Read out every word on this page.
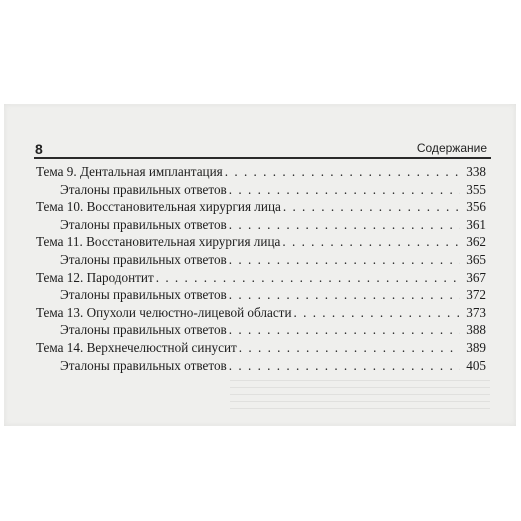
8	Содержание
Тема 9. Дентальная имплантация . . .	338
Эталоны правильных ответов . . .	355
Тема 10. Восстановительная хирургия лица . . .	356
Эталоны правильных ответов . . .	361
Тема 11. Восстановительная хирургия лица . . .	362
Эталоны правильных ответов . . .	365
Тема 12. Пародонтит . . .	367
Эталоны правильных ответов . . .	372
Тема 13. Опухоли челюстно-лицевой области . . .	373
Эталоны правильных ответов . . .	388
Тема 14. Верхнечелюстной синусит . . .	389
Эталоны правильных ответов . . .	405
